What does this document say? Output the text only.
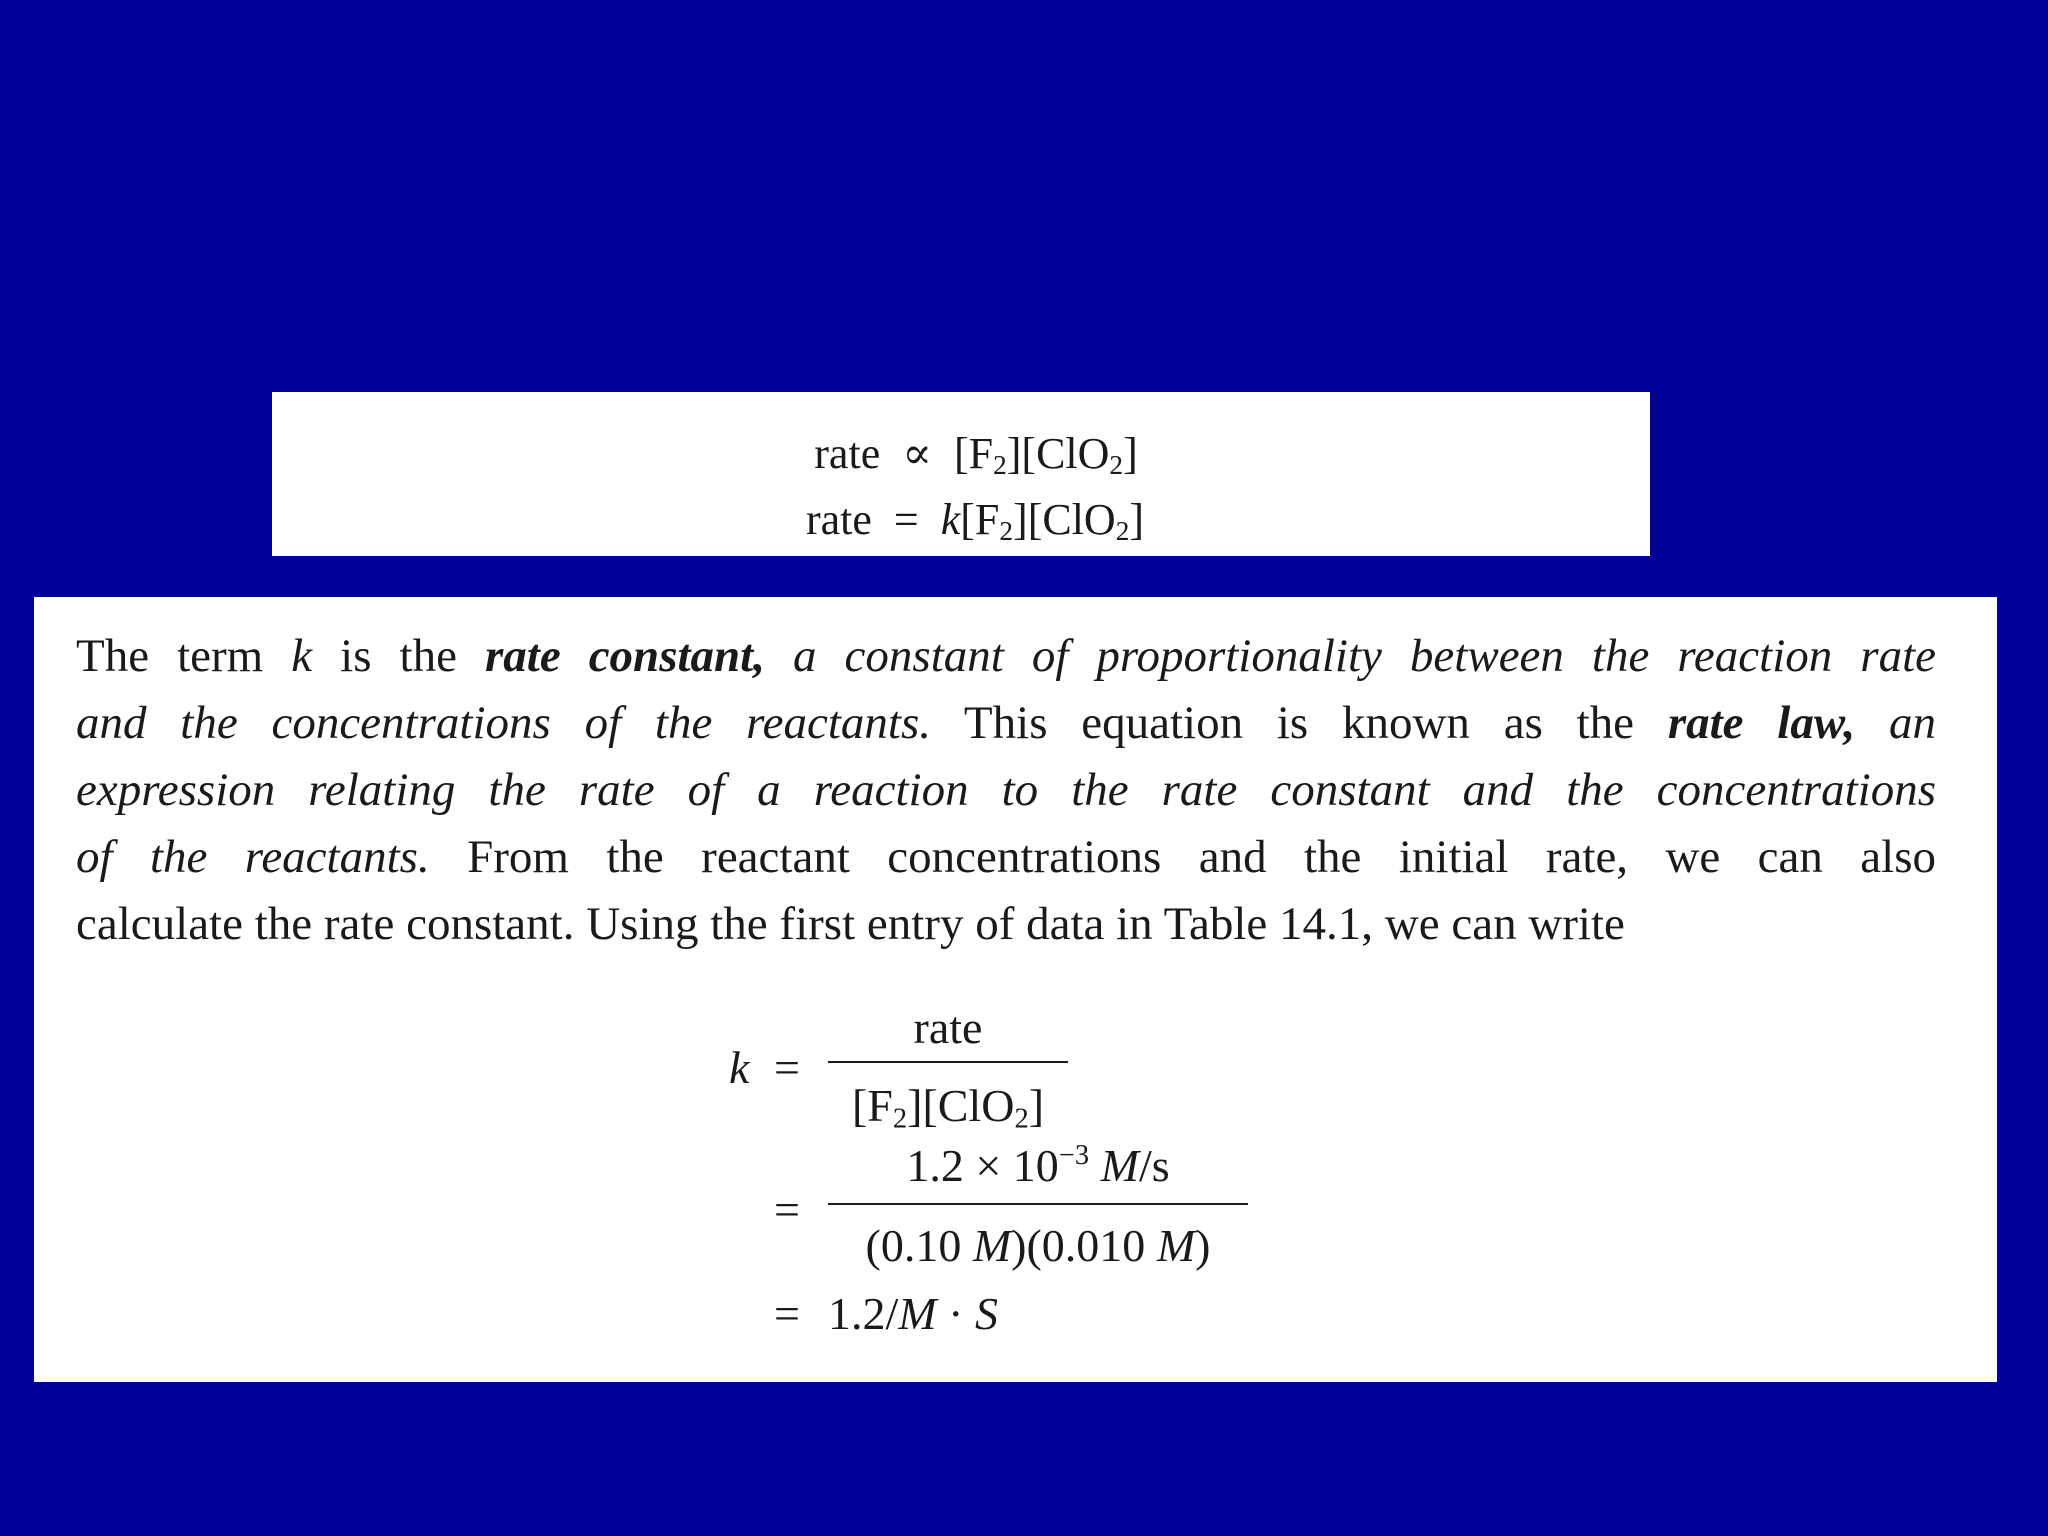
rate ∝ $[F_2][ClO_2]$
rate = $k[F_2][ClO_2]$
The term k is the rate constant, a constant of proportionality between the reaction rate
and the concentrations of the reactants. This equation is known as the rate law, an
expression relating the rate of a reaction to the rate constant and the concentrations
of the reactants. From the reactant concentrations and the initial rate, we can also
calculate the rate constant. Using the first entry of data in Table 14.1, we can write
k =
rate
$[F_2][ClO_2]$
=
$1.2 \times 10^{-3}$ M/s
(0.10 M)(0.010 M)
= 1.2/M · S
